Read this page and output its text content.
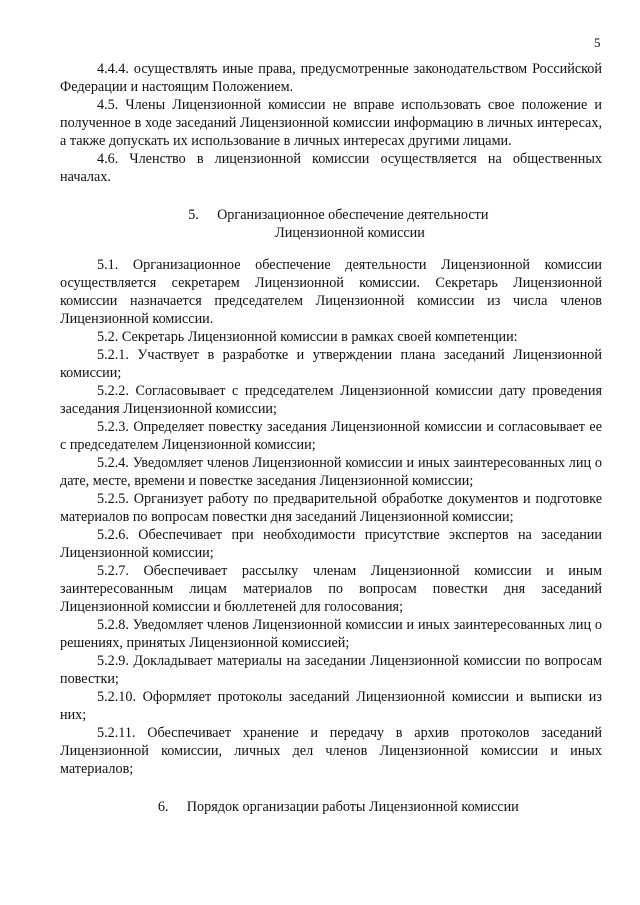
5

4.4.4. осуществлять иные права, предусмотренные законодательством Российской Федерации и настоящим Положением.

4.5. Члены Лицензионной комиссии не вправе использовать свое положение и полученное в ходе заседаний Лицензионной комиссии информацию в личных интересах, а также допускать их использование в личных интересах другими лицами.

4.6. Членство в лицензионной комиссии осуществляется на общественных началах.

5. Организационное обеспечение деятельности

Лицензионной комиссии

5.1. Организационное обеспечение деятельности Лицензионной комиссии осуществляется секретарем Лицензионной комиссии. Секретарь Лицензионной комиссии назначается председателем Лицензионной комиссии из числа членов Лицензионной комиссии.

5.2. Секретарь Лицензионной комиссии в рамках своей компетенции:

5.2.1. Участвует в разработке и утверждении плана заседаний Лицензионной комиссии;

5.2.2. Согласовывает с председателем Лицензионной комиссии дату проведения заседания Лицензионной комиссии;

5.2.3. Определяет повестку заседания Лицензионной комиссии и согласовывает ее с председателем Лицензионной комиссии;

5.2.4. Уведомляет членов Лицензионной комиссии и иных заинтересованных лиц о дате, месте, времени и повестке заседания Лицензионной комиссии;

5.2.5. Организует работу по предварительной обработке документов и подготовке материалов по вопросам повестки дня заседаний Лицензионной комиссии;

5.2.6. Обеспечивает при необходимости присутствие экспертов на заседании Лицензионной комиссии;

5.2.7. Обеспечивает рассылку членам Лицензионной комиссии и иным заинтересованным лицам материалов по вопросам повестки дня заседаний Лицензионной комиссии и бюллетеней для голосования;

5.2.8. Уведомляет членов Лицензионной комиссии и иных заинтересованных лиц о решениях, принятых Лицензионной комиссией;

5.2.9. Докладывает материалы на заседании Лицензионной комиссии по вопросам повестки;

5.2.10. Оформляет протоколы заседаний Лицензионной комиссии и выписки из них;

5.2.11. Обеспечивает хранение и передачу в архив протоколов заседаний Лицензионной комиссии, личных дел членов Лицензионной комиссии и иных материалов;

6. Порядок организации работы Лицензионной комиссии
